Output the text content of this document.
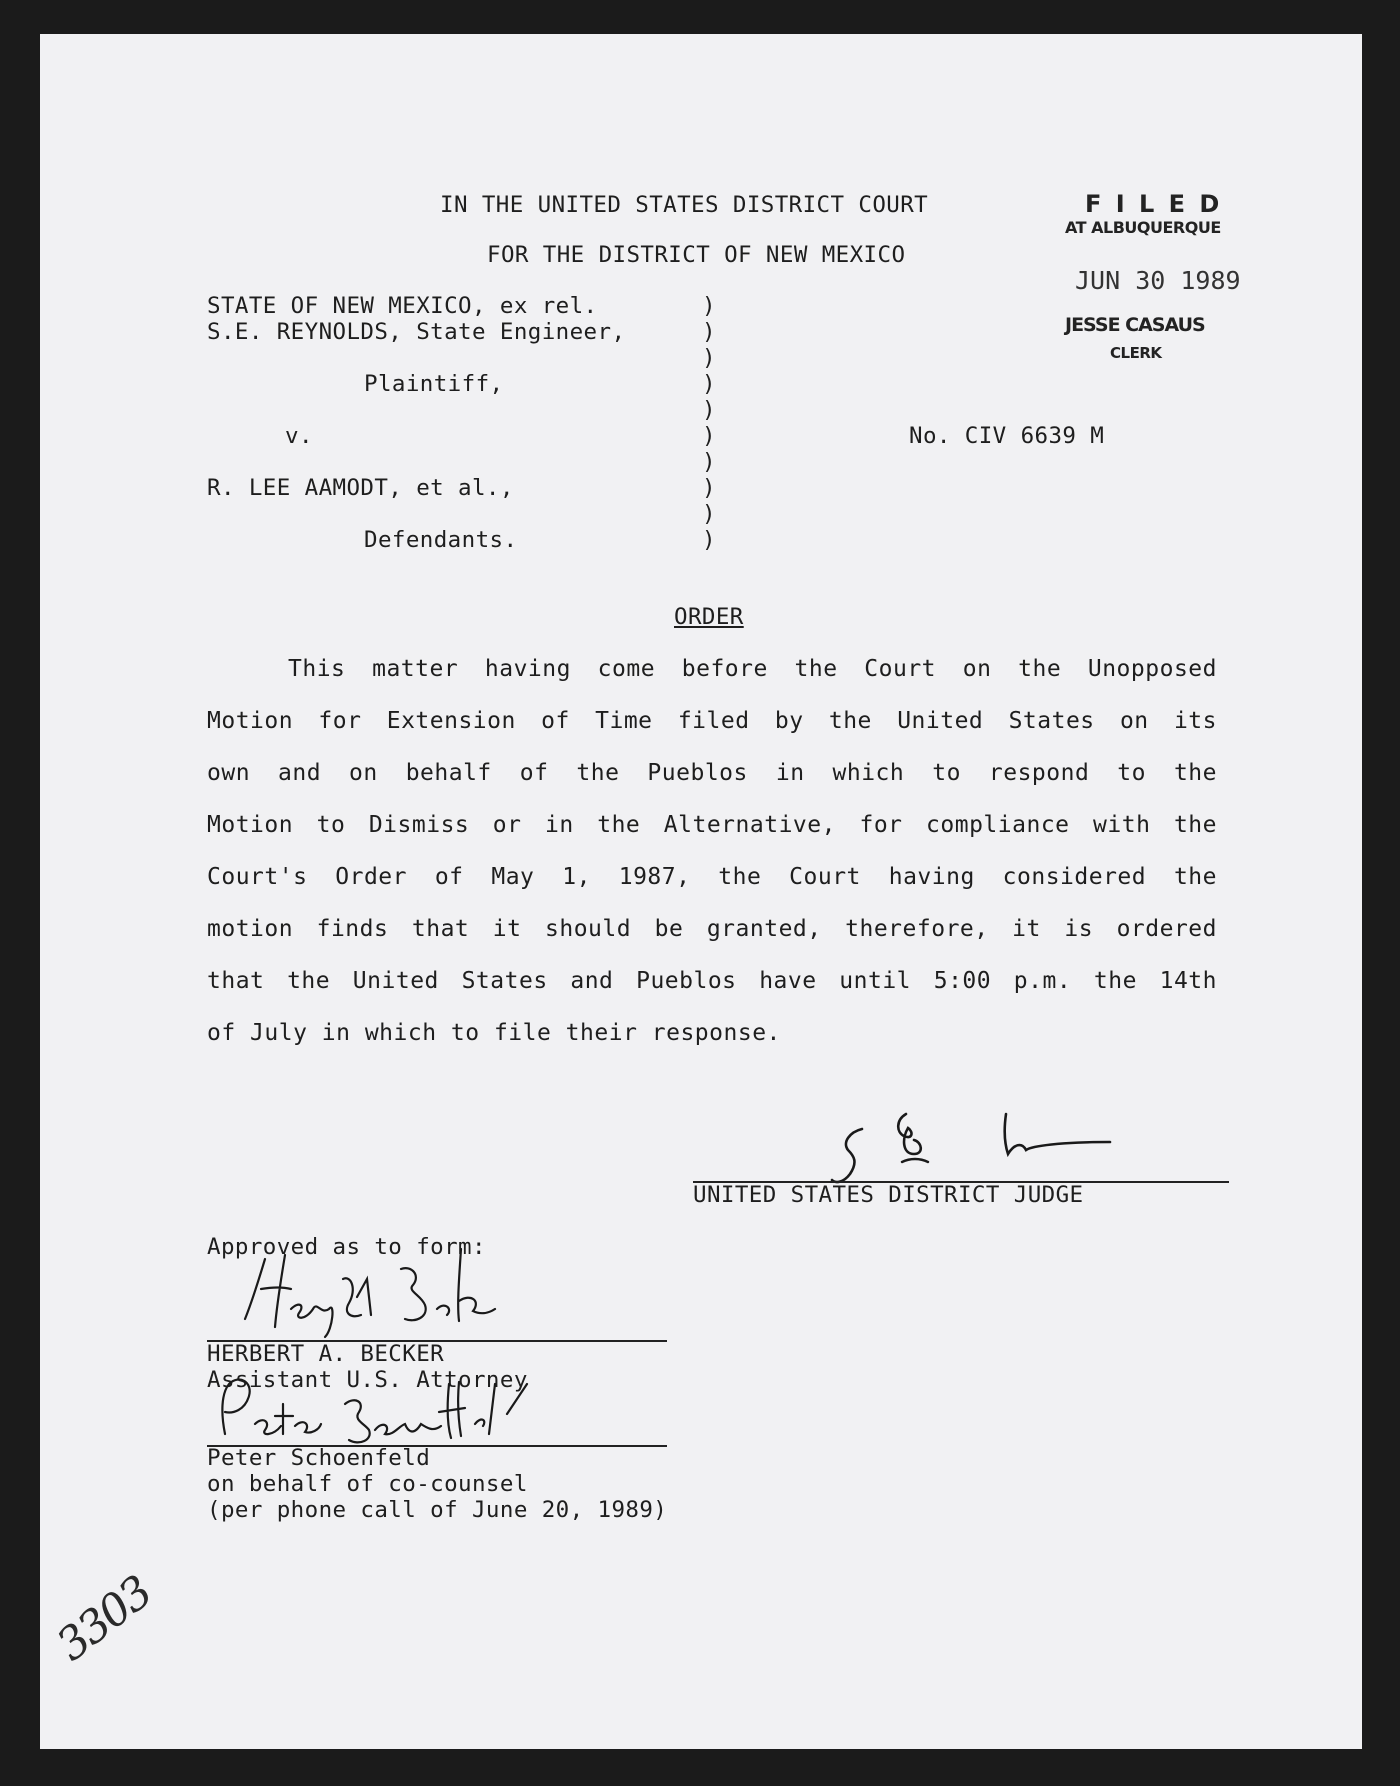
IN THE UNITED STATES DISTRICT COURT
FOR THE DISTRICT OF NEW MEXICO
F I L E D
AT ALBUQUERQUE
JUN 30 1989
JESSE CASAUS
CLERK
STATE OF NEW MEXICO, ex rel.
S.E. REYNOLDS, State Engineer,
Plaintiff,
v.
R. LEE AAMODT, et al.,
Defendants.
)
)
)
)
)
)
)
)
)
)
No. CIV 6639 M
ORDER
This matter having come before the Court on the Unopposed
Motion for Extension of Time filed by the United States on its
own and on behalf of the Pueblos in which to respond to the
Motion to Dismiss or in the Alternative, for compliance with the
Court's Order of May 1, 1987, the Court having considered the
motion finds that it should be granted, therefore, it is ordered
that the United States and Pueblos have until 5:00 p.m. the 14th
of July in which to file their response.
UNITED STATES DISTRICT JUDGE
Approved as to form:
HERBERT A. BECKER
Assistant U.S. Attorney
Peter Schoenfeld
on behalf of co-counsel
(per phone call of June 20, 1989)
3303
